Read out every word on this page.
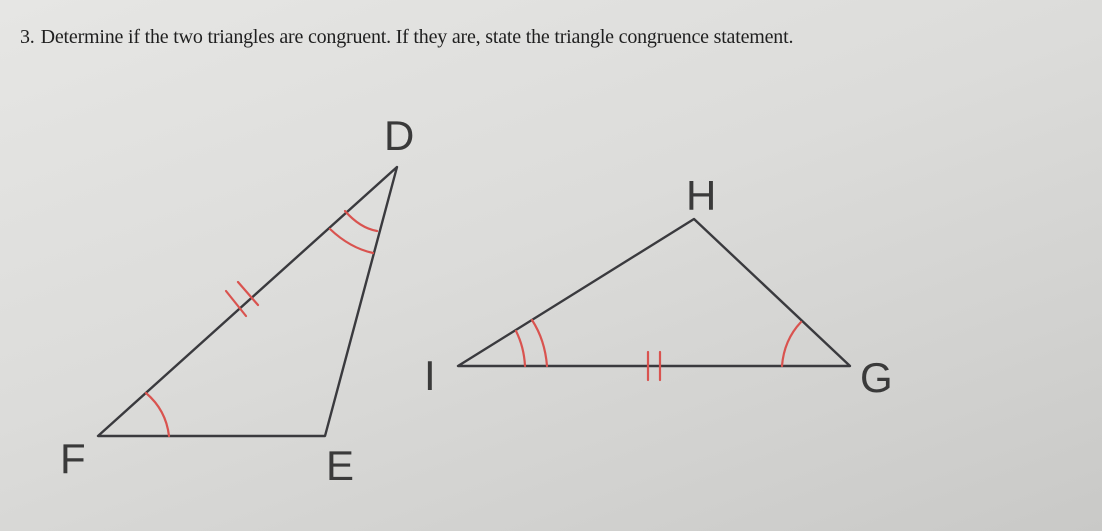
3. Determine if the two triangles are congruent. If they are, state the triangle congruence statement.
D
F	E
H
I	G
